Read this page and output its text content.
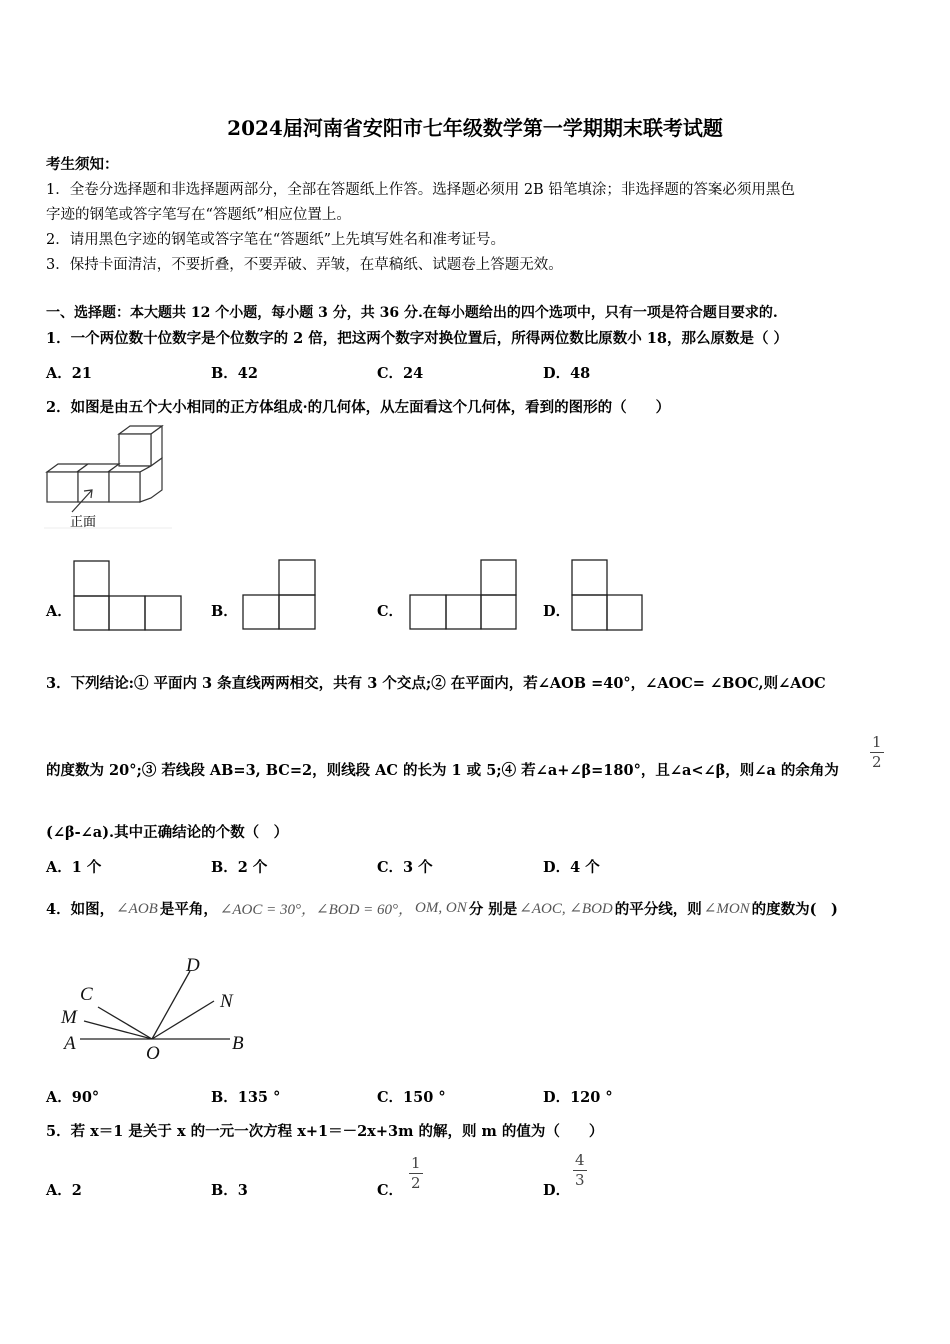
2024届河南省安阳市七年级数学第一学期期末联考试题
考生须知：
1．全卷分选择题和非选择题两部分，全部在答题纸上作答。选择题必须用 2B 铅笔填涂；非选择题的答案必须用黑色
字迹的钢笔或答字笔写在“答题纸”相应位置上。
2．请用黑色字迹的钢笔或答字笔在“答题纸”上先填写姓名和准考证号。
3．保持卡面清洁，不要折叠，不要弄破、弄皱，在草稿纸、试题卷上答题无效。
一、选择题：本大题共 12 个小题，每小题 3 分，共 36 分.在每小题给出的四个选项中，只有一项是符合题目要求的.
1．一个两位数十位数字是个位数字的 2 倍，把这两个数字对换位置后，所得两位数比原数小 18，那么原数是（ ）
A．21	B．42	C．24	D．48
2．如图是由五个大小相同的正方体组成·的几何体，从左面看这个几何体，看到的图形的（　　）
正面
A．	B．	C．	D．
3．下列结论:① 平面内 3 条直线两两相交，共有 3 个交点;② 在平面内，若∠AOB =40°，∠AOC= ∠BOC,则∠AOC
的度数为 20°;③ 若线段 AB=3, BC=2，则线段 AC 的长为 1 或 5;④ 若∠a+∠β=180°，且∠a<∠β，则∠a 的余角为
$\frac{1}{2}$
(∠β-∠a).其中正确结论的个数（　）
A．1 个	B．2 个	C．3 个	D．4 个
4．如图， ∠AOB 是平角， ∠AOC = 30°，∠BOD = 60°， OM, ON 分 别是 ∠AOC, ∠BOD 的平分线，则 ∠MON 的度数为(　)
D
C	N
M
A	O	B
A．90°	B．135 °	C．150 °	D．120 °
5．若 x＝1 是关于 x 的一元一次方程 x+1＝－2x+3m 的解，则 m 的值为（　　）
A．2	B．3	C． $\frac{1}{2}$	D．
$\frac{4}{3}$
